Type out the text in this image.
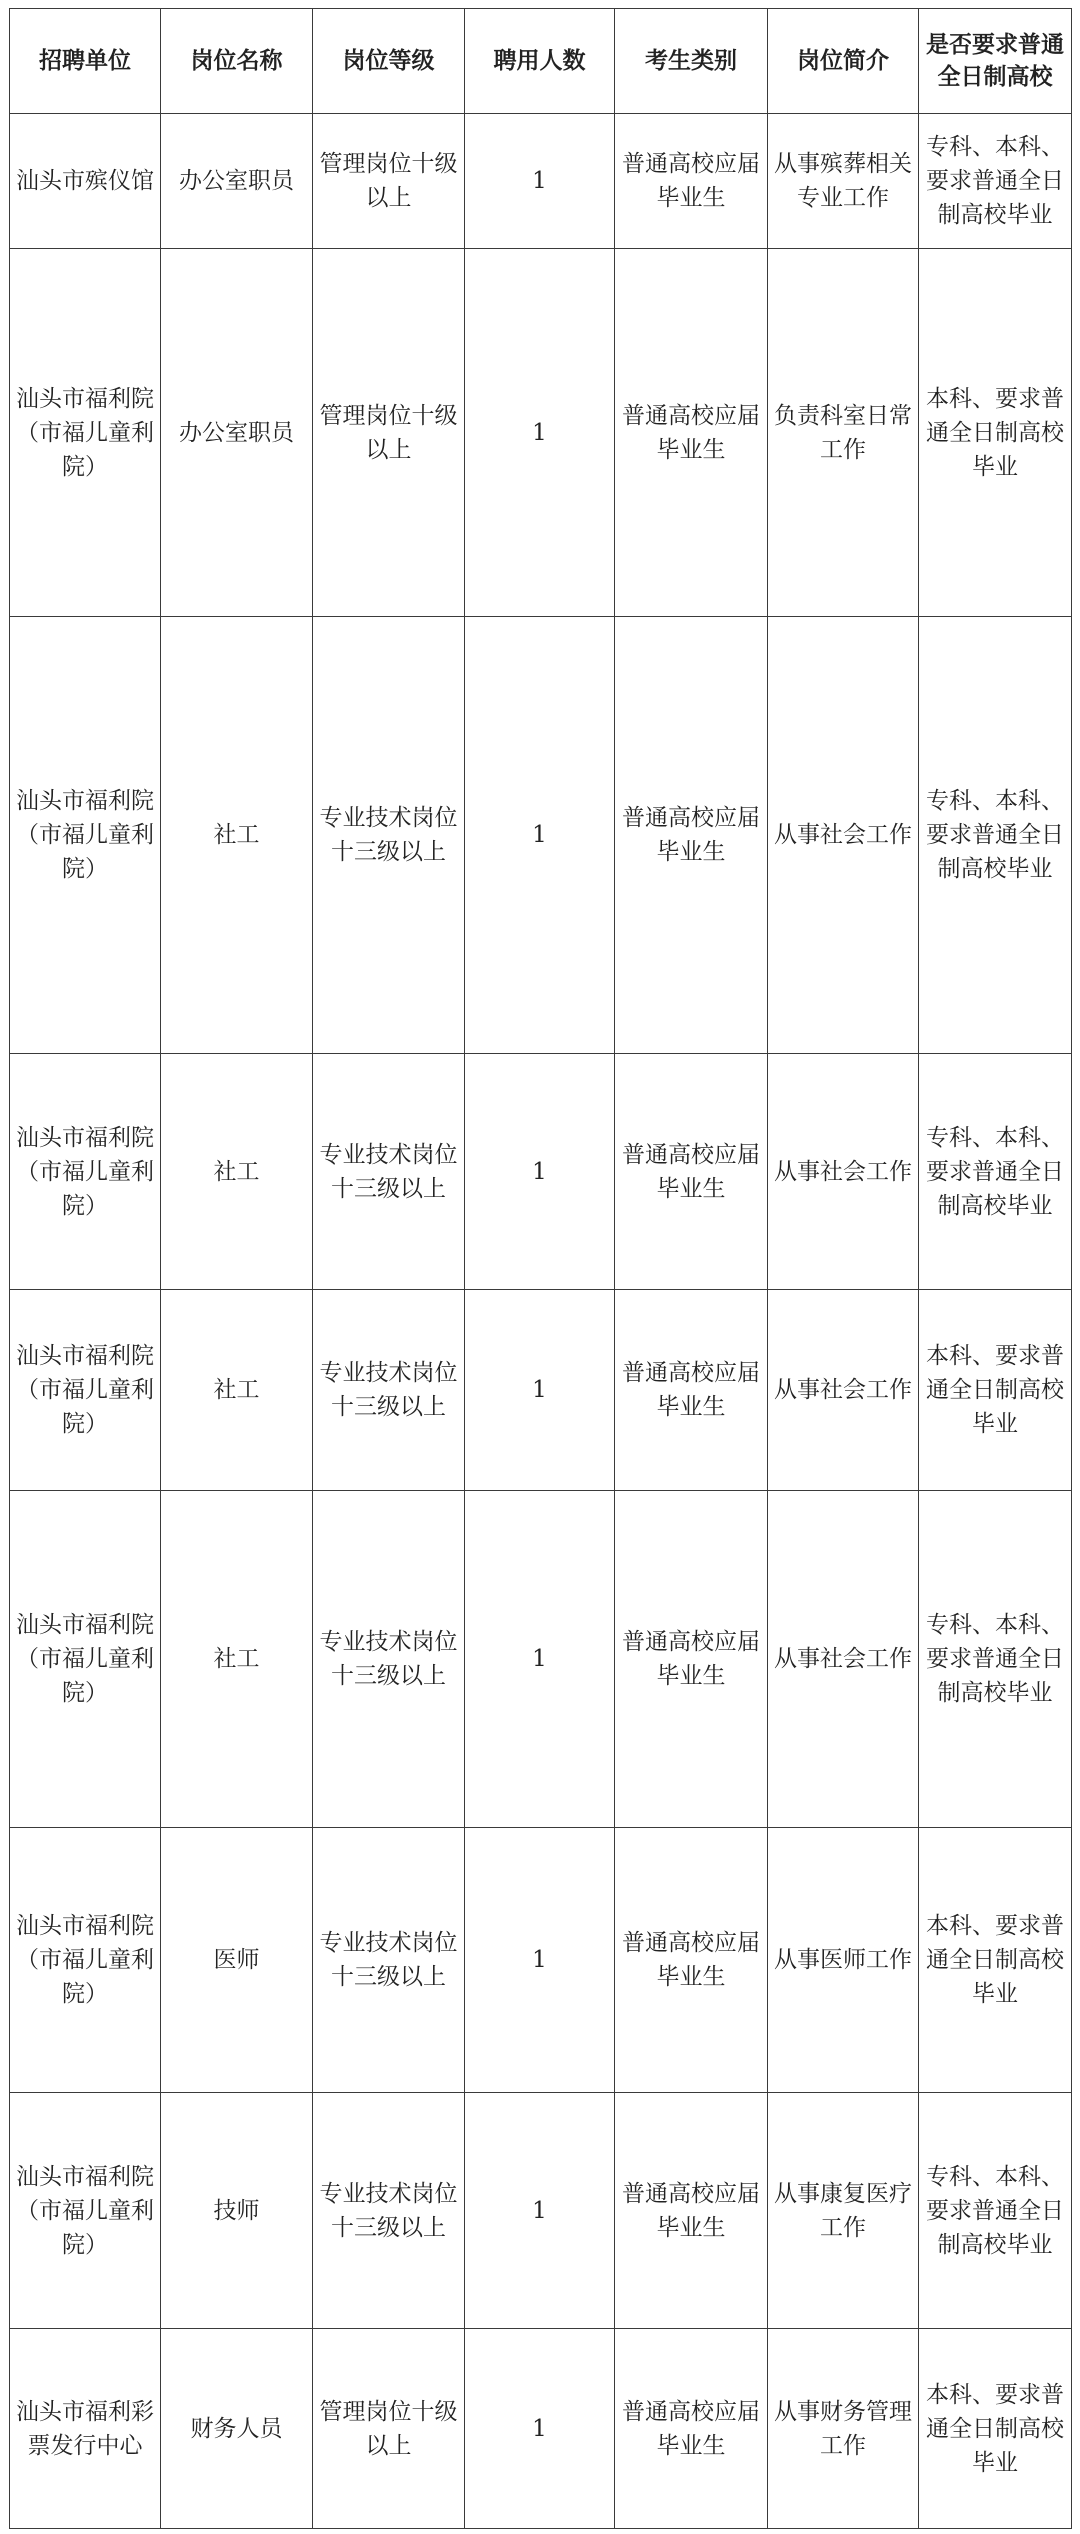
招聘单位	岗位名称	岗位等级	聘用人数	考生类别	岗位简介	是否要求普通全日制高校
汕头市殡仪馆	办公室职员	管理岗位十级以上	1	普通高校应届毕业生	从事殡葬相关专业工作	专科、本科、要求普通全日制高校毕业
汕头市福利院（市福儿童利院）	办公室职员	管理岗位十级以上	1	普通高校应届毕业生	负责科室日常工作	本科、要求普通全日制高校毕业
汕头市福利院（市福儿童利院）	社工	专业技术岗位十三级以上	1	普通高校应届毕业生	从事社会工作	专科、本科、要求普通全日制高校毕业
汕头市福利院（市福儿童利院）	社工	专业技术岗位十三级以上	1	普通高校应届毕业生	从事社会工作	专科、本科、要求普通全日制高校毕业
汕头市福利院（市福儿童利院）	社工	专业技术岗位十三级以上	1	普通高校应届毕业生	从事社会工作	本科、要求普通全日制高校毕业
汕头市福利院（市福儿童利院）	社工	专业技术岗位十三级以上	1	普通高校应届毕业生	从事社会工作	专科、本科、要求普通全日制高校毕业
汕头市福利院（市福儿童利院）	医师	专业技术岗位十三级以上	1	普通高校应届毕业生	从事医师工作	本科、要求普通全日制高校毕业
汕头市福利院（市福儿童利院）	技师	专业技术岗位十三级以上	1	普通高校应届毕业生	从事康复医疗工作	专科、本科、要求普通全日制高校毕业
汕头市福利彩票发行中心	财务人员	管理岗位十级以上	1	普通高校应届毕业生	从事财务管理工作	本科、要求普通全日制高校毕业
